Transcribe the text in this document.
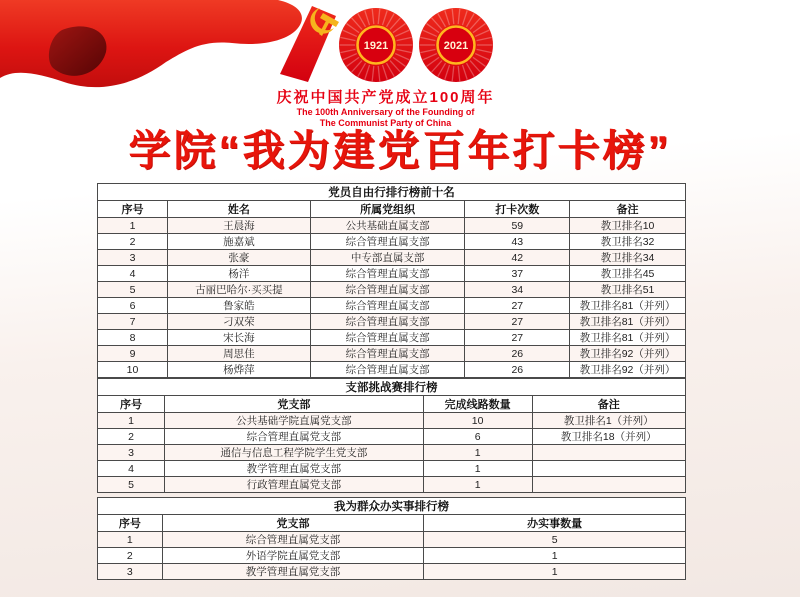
1921	2021
庆祝中国共产党成立100周年
The 100th Anniversary of the Founding of
The Communist Party of China
学院“我为建党百年打卡榜”
党员自由行排行榜前十名				
序号	姓名	所属党组织	打卡次数	备注
1	王晨海	公共基础直属支部	59	教卫排名10
2	施嘉斌	综合管理直属支部	43	教卫排名32
3	张豪	中专部直属支部	42	教卫排名34
4	杨洋	综合管理直属支部	37	教卫排名45
5	古丽巴哈尔·买买提	综合管理直属支部	34	教卫排名51
6	鲁家皓	综合管理直属支部	27	教卫排名81（并列）
7	刁双荣	综合管理直属支部	27	教卫排名81（并列）
8	宋长海	综合管理直属支部	27	教卫排名81（并列）
9	周思佳	综合管理直属支部	26	教卫排名92（并列）
10	杨烨萍	综合管理直属支部	26	教卫排名92（并列）
支部挑战赛排行榜			
序号	党支部	完成线路数量	备注
1	公共基础学院直属党支部	10	教卫排名1（并列）
2	综合管理直属党支部	6	教卫排名18（并列）
3	通信与信息工程学院学生党支部	1	
4	教学管理直属党支部	1	
5	行政管理直属党支部	1	
我为群众办实事排行榜		
序号	党支部	办实事数量
1	综合管理直属党支部	5
2	外语学院直属党支部	1
3	教学管理直属党支部	1
